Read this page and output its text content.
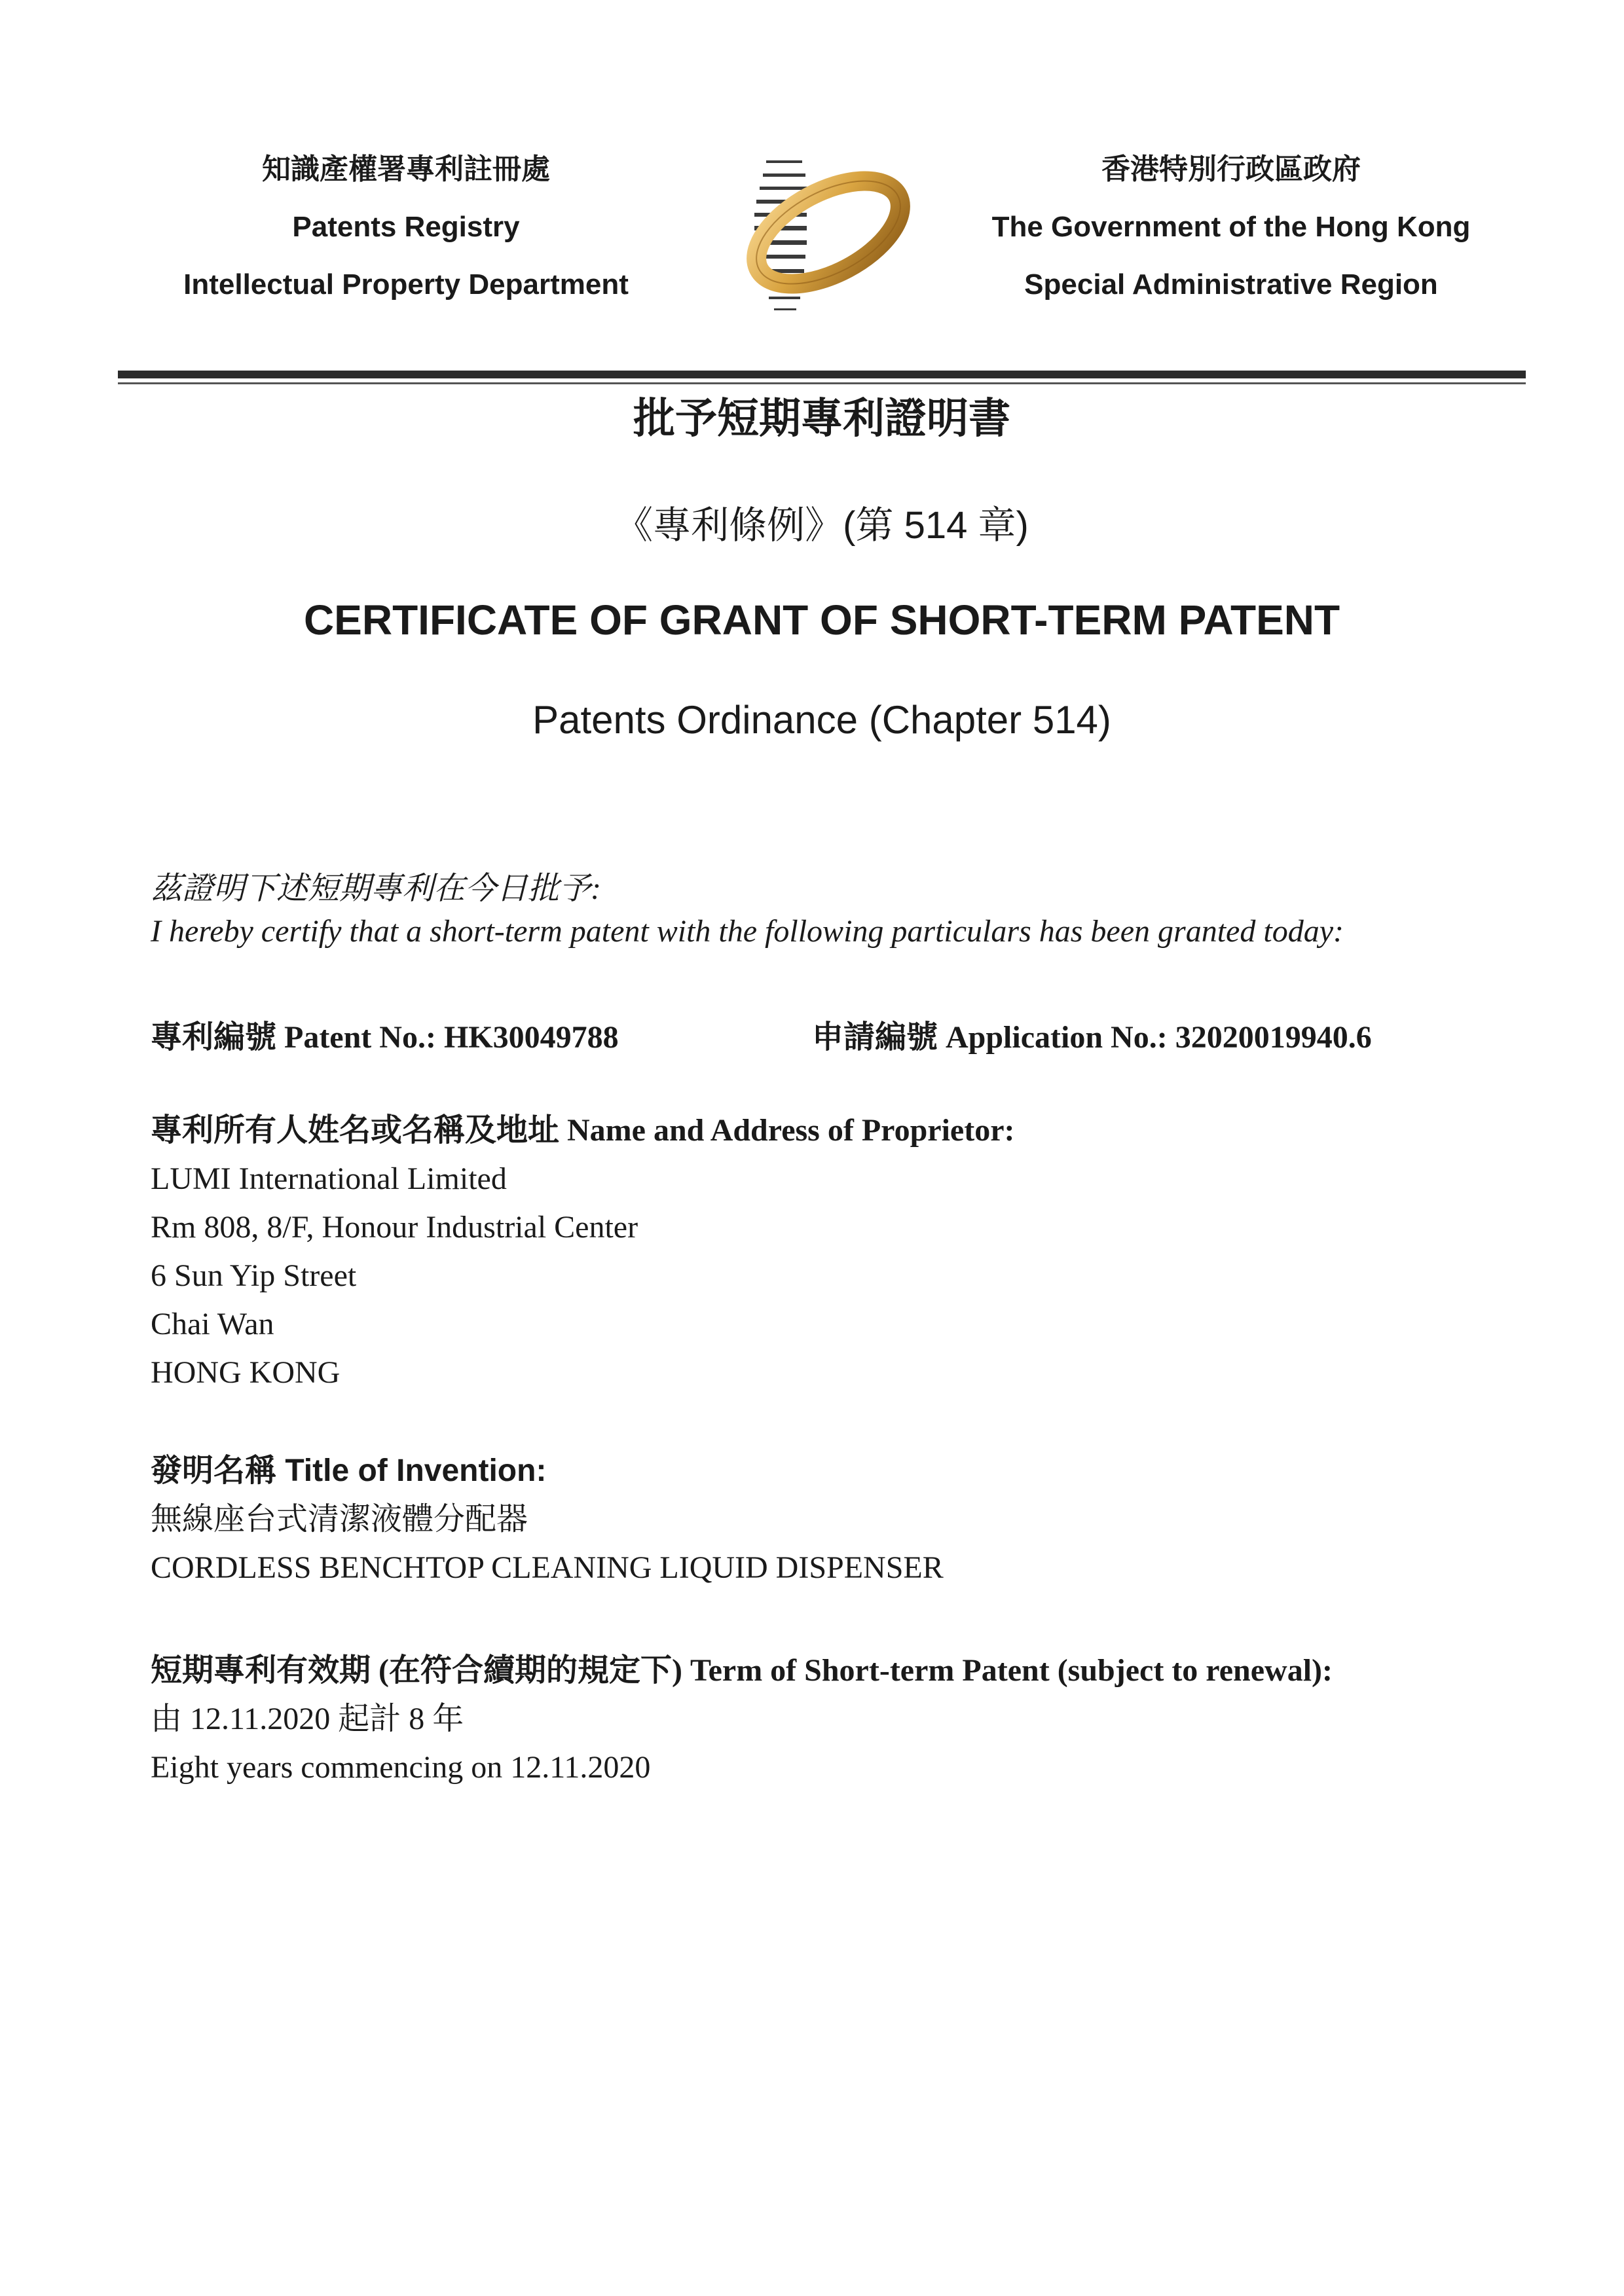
知識產權署專利註冊處
Patents Registry
Intellectual Property Department
香港特別行政區政府
The Government of the Hong Kong
Special Administrative Region
批予短期專利證明書
《專利條例》(第 514 章)
CERTIFICATE OF GRANT OF SHORT-TERM PATENT
Patents Ordinance (Chapter 514)
茲證明下述短期專利在今日批予:
I hereby certify that a short-term patent with the following particulars has been granted today:
專利編號 Patent No.: HK30049788	申請編號 Application No.: 32020019940.6
專利所有人姓名或名稱及地址 Name and Address of Proprietor:
LUMI International Limited
Rm 808, 8/F, Honour Industrial Center
6 Sun Yip Street
Chai Wan
HONG KONG
發明名稱 Title of Invention:
無線座台式清潔液體分配器
CORDLESS BENCHTOP CLEANING LIQUID DISPENSER
短期專利有效期 (在符合續期的規定下) Term of Short-term Patent (subject to renewal):
由 12.11.2020 起計 8 年
Eight years commencing on 12.11.2020
